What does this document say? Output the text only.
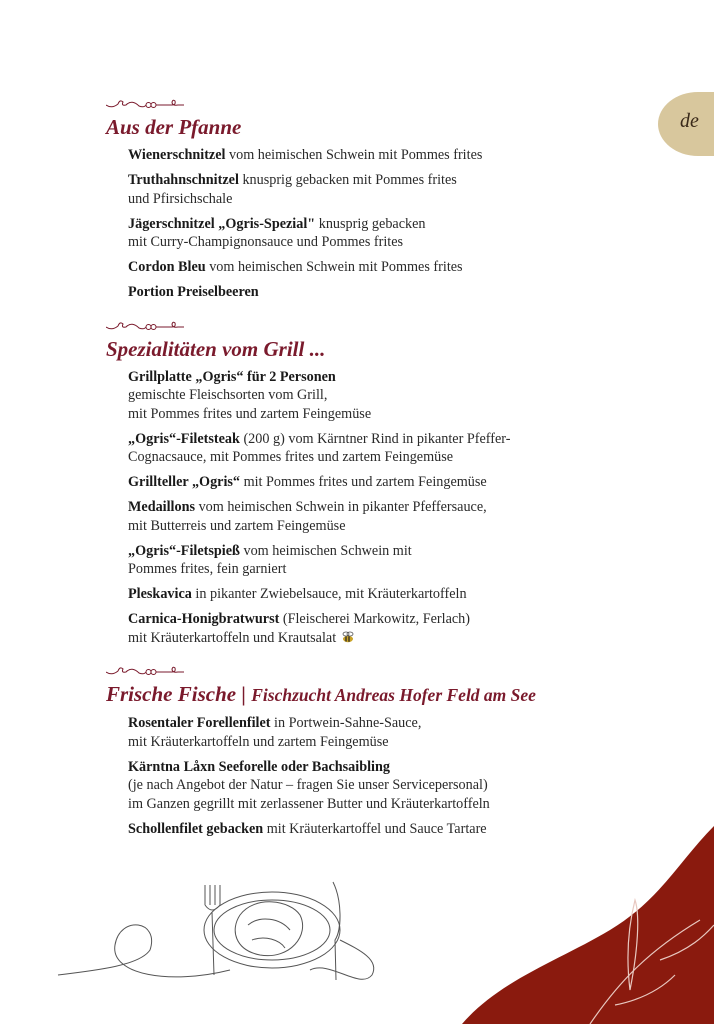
de
Aus der Pfanne
Wienerschnitzel vom heimischen Schwein mit Pommes frites
Truthahnschnitzel knusprig gebacken mit Pommes frites
und Pfirsichschale
Jägerschnitzel „Ogris-Spezial" knusprig gebacken
mit Curry-Champignonsauce und Pommes frites
Cordon Bleu vom heimischen Schwein mit Pommes frites
Portion Preiselbeeren
Spezialitäten vom Grill ...
Grillplatte „Ogris“ für 2 Personen
gemischte Fleischsorten vom Grill,
mit Pommes frites und zartem Feingemüse
„Ogris“-Filetsteak (200 g) vom Kärntner Rind in pikanter Pfeffer-
Cognacsauce, mit Pommes frites und zartem Feingemüse
Grillteller „Ogris“ mit Pommes frites und zartem Feingemüse
Medaillons vom heimischen Schwein in pikanter Pfeffersauce,
mit Butterreis und zartem Feingemüse
„Ogris“-Filetspieß vom heimischen Schwein mit
Pommes frites, fein garniert
Pleskavica in pikanter Zwiebelsauce, mit Kräuterkartoffeln
Carnica-Honigbratwurst (Fleischerei Markowitz, Ferlach)
mit Kräuterkartoffeln und Krautsalat
Frische Fische | Fischzucht Andreas Hofer Feld am See
Rosentaler Forellenfilet in Portwein-Sahne-Sauce,
mit Kräuterkartoffeln und zartem Feingemüse
Kärntna Låxn Seeforelle oder Bachsaibling
(je nach Angebot der Natur – fragen Sie unser Servicepersonal)
im Ganzen gegrillt mit zerlassener Butter und Kräuterkartoffeln
Schollenfilet gebacken mit Kräuterkartoffel und Sauce Tartare
